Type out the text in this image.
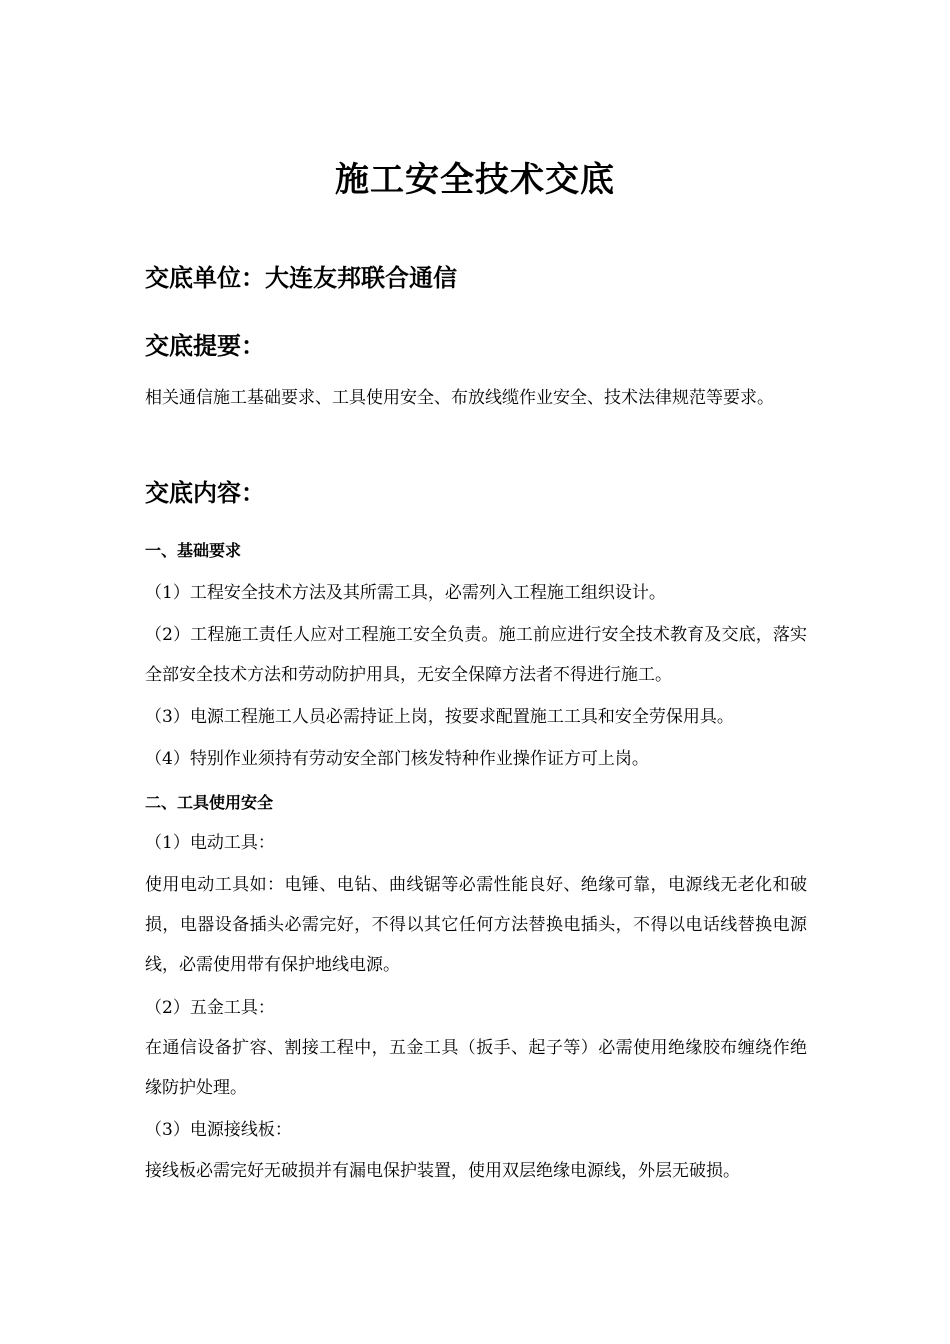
施工安全技术交底
交底单位：大连友邦联合通信
交底提要：
相关通信施工基础要求、工具使用安全、布放线缆作业安全、技术法律规范等要求。
交底内容：
一、基础要求
（1）工程安全技术方法及其所需工具，必需列入工程施工组织设计。
（2）工程施工责任人应对工程施工安全负责。施工前应进行安全技术教育及交底，落实全部安全技术方法和劳动防护用具，无安全保障方法者不得进行施工。
（3）电源工程施工人员必需持证上岗，按要求配置施工工具和安全劳保用具。
（4）特别作业须持有劳动安全部门核发特种作业操作证方可上岗。
二、工具使用安全
（1）电动工具：
使用电动工具如：电锤、电钻、曲线锯等必需性能良好、绝缘可靠，电源线无老化和破损，电器设备插头必需完好，不得以其它任何方法替换电插头，不得以电话线替换电源线，必需使用带有保护地线电源。
（2）五金工具：
在通信设备扩容、割接工程中，五金工具（扳手、起子等）必需使用绝缘胶布缠绕作绝缘防护处理。
（3）电源接线板：
接线板必需完好无破损并有漏电保护装置，使用双层绝缘电源线，外层无破损。
